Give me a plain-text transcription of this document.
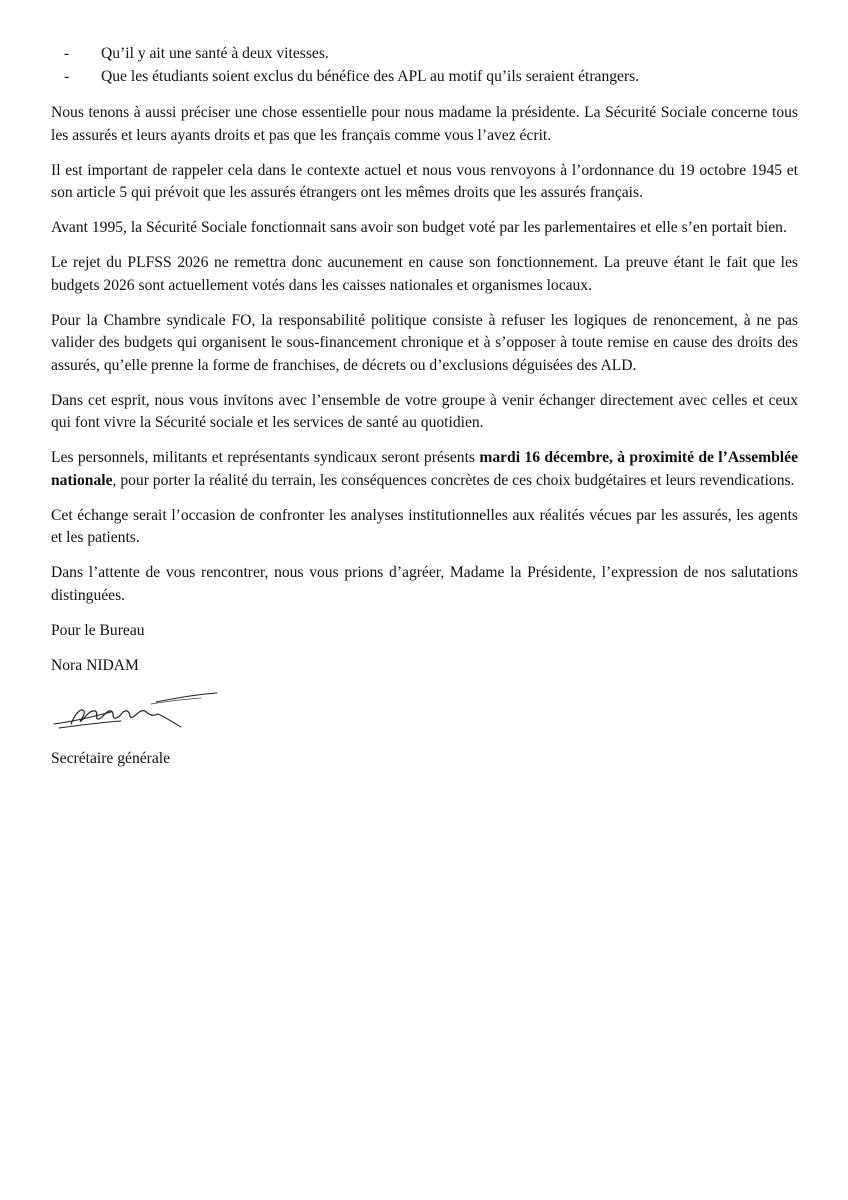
- Qu’il y ait une santé à deux vitesses.
- Que les étudiants soient exclus du bénéfice des APL au motif qu’ils seraient étrangers.

Nous tenons à aussi préciser une chose essentielle pour nous madame la présidente. La Sécurité Sociale concerne tous les assurés et leurs ayants droits et pas que les français comme vous l’avez écrit.

Il est important de rappeler cela dans le contexte actuel et nous vous renvoyons à l’ordonnance du 19 octobre 1945 et son article 5 qui prévoit que les assurés étrangers ont les mêmes droits que les assurés français.

Avant 1995, la Sécurité Sociale fonctionnait sans avoir son budget voté par les parlementaires et elle s’en portait bien.

Le rejet du PLFSS 2026 ne remettra donc aucunement en cause son fonctionnement. La preuve étant le fait que les budgets 2026 sont actuellement votés dans les caisses nationales et organismes locaux.

Pour la Chambre syndicale FO, la responsabilité politique consiste à refuser les logiques de renoncement, à ne pas valider des budgets qui organisent le sous-financement chronique et à s’opposer à toute remise en cause des droits des assurés, qu’elle prenne la forme de franchises, de décrets ou d’exclusions déguisées des ALD.

Dans cet esprit, nous vous invitons avec l’ensemble de votre groupe à venir échanger directement avec celles et ceux qui font vivre la Sécurité sociale et les services de santé au quotidien.

Les personnels, militants et représentants syndicaux seront présents mardi 16 décembre, à proximité de l’Assemblée nationale, pour porter la réalité du terrain, les conséquences concrètes de ces choix budgétaires et leurs revendications.

Cet échange serait l’occasion de confronter les analyses institutionnelles aux réalités vécues par les assurés, les agents et les patients.

Dans l’attente de vous rencontrer, nous vous prions d’agréer, Madame la Présidente, l’expression de nos salutations distinguées.

Pour le Bureau

Nora NIDAM

Secrétaire générale
